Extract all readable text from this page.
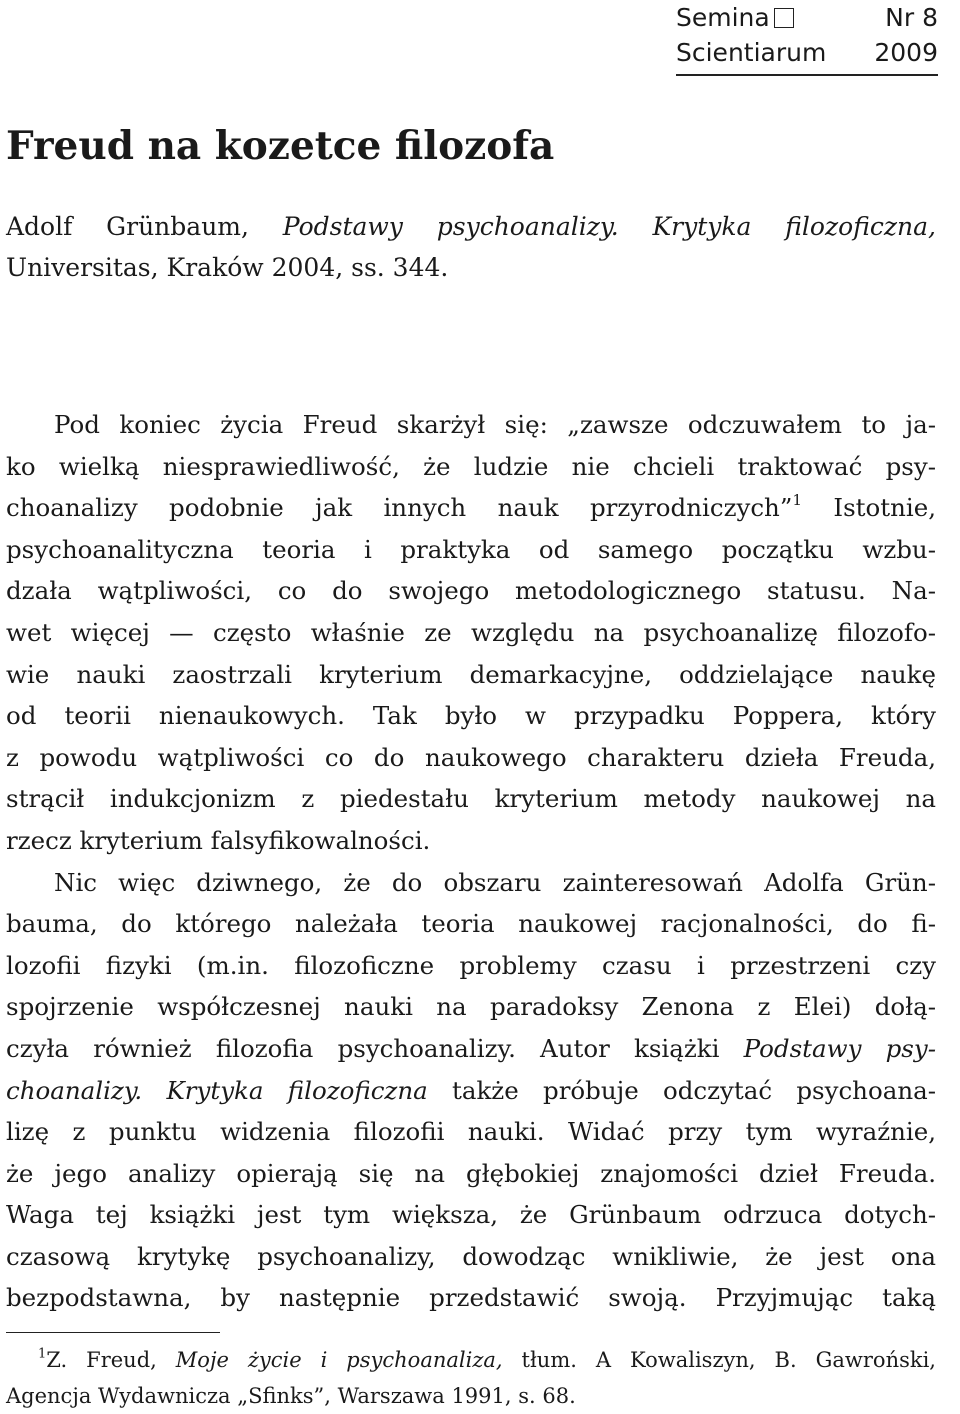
Semina	Nr 8
Scientiarum 2009
Freud na kozetce filozofa

Adolf Grünbaum, Podstawy psychoanalizy. Krytyka filozoficzna,
Universitas, Kraków 2004, ss. 344.

Pod koniec życia Freud skarżył się: „zawsze odczuwałem to ja-
ko wielką niesprawiedliwość, że ludzie nie chcieli traktować psy-
choanalizy podobnie jak innych nauk przyrodniczych”$^1$ Istotnie,
psychoanalityczna teoria i praktyka od samego początku wzbu-
dzała wątpliwości, co do swojego metodologicznego statusu. Na-
wet więcej — często właśnie ze względu na psychoanalizę filozofo-
wie nauki zaostrzali kryterium demarkacyjne, oddzielające naukę
od teorii nienaukowych. Tak było w przypadku Poppera, który
z powodu wątpliwości co do naukowego charakteru dzieła Freuda,
strącił indukcjonizm z piedestału kryterium metody naukowej na
rzecz kryterium falsyfikowalności.
Nic więc dziwnego, że do obszaru zainteresowań Adolfa Grün-
bauma, do którego należała teoria naukowej racjonalności, do fi-
lozofii fizyki (m.in. filozoficzne problemy czasu i przestrzeni czy
spojrzenie współczesnej nauki na paradoksy Zenona z Elei) dołą-
czyła również filozofia psychoanalizy. Autor książki Podstawy psy-
choanalizy. Krytyka filozoficzna także próbuje odczytać psychoana-
lizę z punktu widzenia filozofii nauki. Widać przy tym wyraźnie,
że jego analizy opierają się na głębokiej znajomości dzieł Freuda.
Waga tej książki jest tym większa, że Grünbaum odrzuca dotych-
czasową krytykę psychoanalizy, dowodząc wnikliwie, że jest ona
bezpodstawna, by następnie przedstawić swoją. Przyjmując taką
$^1$Z. Freud, Moje życie i psychoanaliza, tłum. A Kowaliszyn, B. Gawroński,
Agencja Wydawnicza „Sfinks”, Warszawa 1991, s. 68.
